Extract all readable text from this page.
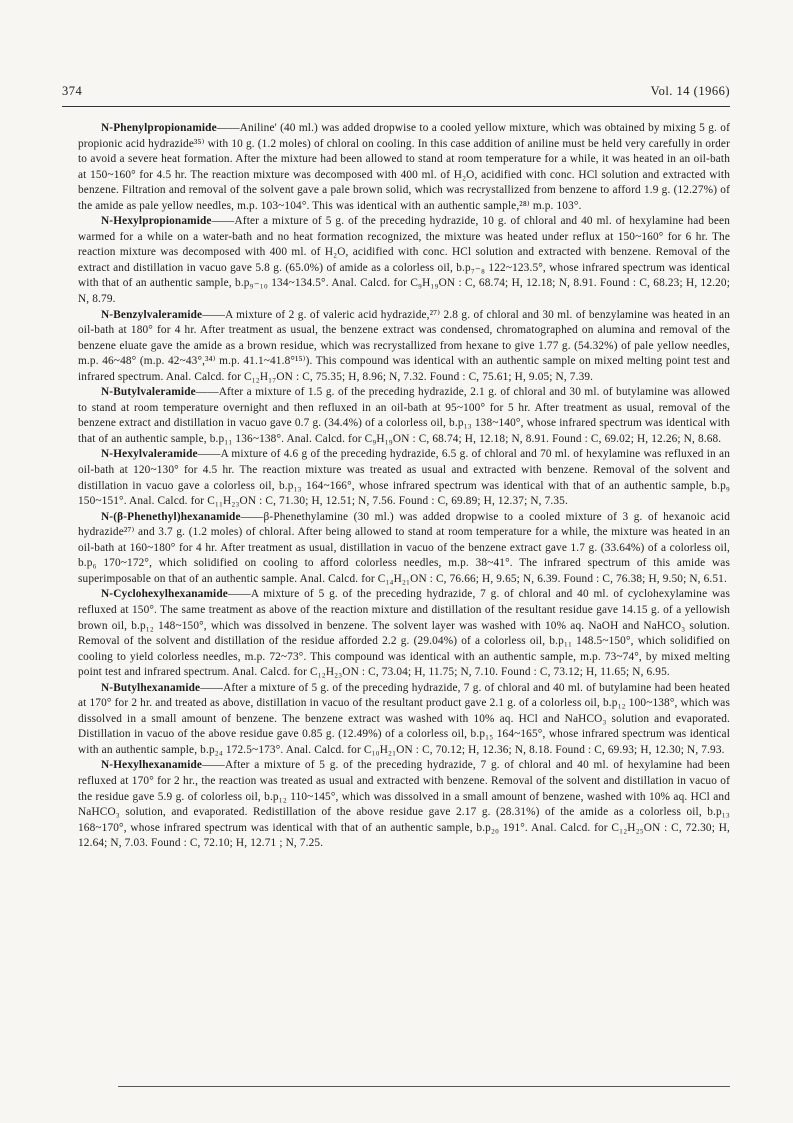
374	Vol. 14 (1966)

N-Phenylpropionamide——Aniline' (40 ml.) was added dropwise to a cooled yellow mixture, which was obtained by mixing 5 g. of propionic acid hydrazide³⁵⁾ with 10 g. (1.2 moles) of chloral on cooling. In this case addition of aniline must be held very carefully in order to avoid a severe heat formation. After the mixture had been allowed to stand at room temperature for a while, it was heated in an oil-bath at 150~160° for 4.5 hr. The reaction mixture was decomposed with 400 ml. of H₂O, acidified with conc. HCl solution and extracted with benzene. Filtration and removal of the solvent gave a pale brown solid, which was recrystallized from benzene to afford 1.9 g. (12.27%) of the amide as pale yellow needles, m.p. 103~104°. This was identical with an authentic sample,²⁸⁾ m.p. 103°.

N-Hexylpropionamide——After a mixture of 5 g. of the preceding hydrazide, 10 g. of chloral and 40 ml. of hexylamine had been warmed for a while on a water-bath and no heat formation recognized, the mixture was heated under reflux at 150~160° for 6 hr. The reaction mixture was decomposed with 400 ml. of H₂O, acidified with conc. HCl solution and extracted with benzene. Removal of the extract and distillation in vacuo gave 5.8 g. (65.0%) of amide as a colorless oil, b.p₇₋₈ 122~123.5°, whose infrared spectrum was identical with that of an authentic sample, b.p₉₋₁₀ 134~134.5°. Anal. Calcd. for C₉H₁₉ON : C, 68.74; H, 12.18; N, 8.91. Found : C, 68.23; H, 12.20; N, 8.79.

N-Benzylvaleramide——A mixture of 2 g. of valeric acid hydrazide,²⁷⁾ 2.8 g. of chloral and 30 ml. of benzylamine was heated in an oil-bath at 180° for 4 hr. After treatment as usual, the benzene extract was condensed, chromatographed on alumina and removal of the benzene eluate gave the amide as a brown residue, which was recrystallized from hexane to give 1.77 g. (54.32%) of pale yellow needles, m.p. 46~48° (m.p. 42~43°,³⁴⁾ m.p. 41.1~41.8°¹⁵⁾). This compound was identical with an authentic sample on mixed melting point test and infrared spectrum. Anal. Calcd. for C₁₂H₁₇ON : C, 75.35; H, 8.96; N, 7.32. Found : C, 75.61; H, 9.05; N, 7.39.

N-Butylvaleramide——After a mixture of 1.5 g. of the preceding hydrazide, 2.1 g. of chloral and 30 ml. of butylamine was allowed to stand at room temperature overnight and then refluxed in an oil-bath at 95~100° for 5 hr. After treatment as usual, removal of the benzene extract and distillation in vacuo gave 0.7 g. (34.4%) of a colorless oil, b.p₁₃ 138~140°, whose infrared spectrum was identical with that of an authentic sample, b.p₁₁ 136~138°. Anal. Calcd. for C₉H₁₉ON : C, 68.74; H, 12.18; N, 8.91. Found : C, 69.02; H, 12.26; N, 8.68.

N-Hexylvaleramide——A mixture of 4.6 g of the preceding hydrazide, 6.5 g. of chloral and 70 ml. of hexylamine was refluxed in an oil-bath at 120~130° for 4.5 hr. The reaction mixture was treated as usual and extracted with benzene. Removal of the solvent and distillation in vacuo gave a colorless oil, b.p₁₃ 164~166°, whose infrared spectrum was identical with that of an authentic sample, b.p₉ 150~151°. Anal. Calcd. for C₁₁H₂₃ON : C, 71.30; H, 12.51; N, 7.56. Found : C, 69.89; H, 12.37; N, 7.35.

N-(β-Phenethyl)hexanamide——β-Phenethylamine (30 ml.) was added dropwise to a cooled mixture of 3 g. of hexanoic acid hydrazide²⁷⁾ and 3.7 g. (1.2 moles) of chloral. After being allowed to stand at room temperature for a while, the mixture was heated in an oil-bath at 160~180° for 4 hr. After treatment as usual, distillation in vacuo of the benzene extract gave 1.7 g. (33.64%) of a colorless oil, b.p₆ 170~172°, which solidified on cooling to afford colorless needles, m.p. 38~41°. The infrared spectrum of this amide was superimposable on that of an authentic sample. Anal. Calcd. for C₁₄H₂₁ON : C, 76.66; H, 9.65; N, 6.39. Found : C, 76.38; H, 9.50; N, 6.51.

N-Cyclohexylhexanamide——A mixture of 5 g. of the preceding hydrazide, 7 g. of chloral and 40 ml. of cyclohexylamine was refluxed at 150°. The same treatment as above of the reaction mixture and distillation of the resultant residue gave 14.15 g. of a yellowish brown oil, b.p₁₂ 148~150°, which was dissolved in benzene. The solvent layer was washed with 10% aq. NaOH and NaHCO₃ solution. Removal of the solvent and distillation of the residue afforded 2.2 g. (29.04%) of a colorless oil, b.p₁₁ 148.5~150°, which solidified on cooling to yield colorless needles, m.p. 72~73°. This compound was identical with an authentic sample, m.p. 73~74°, by mixed melting point test and infrared spectrum. Anal. Calcd. for C₁₂H₂₃ON : C, 73.04; H, 11.75; N, 7.10. Found : C, 73.12; H, 11.65; N, 6.95.

N-Butylhexanamide——After a mixture of 5 g. of the preceding hydrazide, 7 g. of chloral and 40 ml. of butylamine had been heated at 170° for 2 hr. and treated as above, distillation in vacuo of the resultant product gave 2.1 g. of a colorless oil, b.p₁₂ 100~138°, which was dissolved in a small amount of benzene. The benzene extract was washed with 10% aq. HCl and NaHCO₃ solution and evaporated. Distillation in vacuo of the above residue gave 0.85 g. (12.49%) of a colorless oil, b.p₁₅ 164~165°, whose infrared spectrum was identical with an authentic sample, b.p₂₄ 172.5~173°. Anal. Calcd. for C₁₀H₂₁ON : C, 70.12; H, 12.36; N, 8.18. Found : C, 69.93; H, 12.30; N, 7.93.

N-Hexylhexanamide——After a mixture of 5 g. of the preceding hydrazide, 7 g. of chloral and 40 ml. of hexylamine had been refluxed at 170° for 2 hr., the reaction was treated as usual and extracted with benzene. Removal of the solvent and distillation in vacuo of the residue gave 5.9 g. of colorless oil, b.p₁₂ 110~145°, which was dissolved in a small amount of benzene, washed with 10% aq. HCl and NaHCO₃ solution, and evaporated. Redistillation of the above residue gave 2.17 g. (28.31%) of the amide as a colorless oil, b.p₁₃ 168~170°, whose infrared spectrum was identical with that of an authentic sample, b.p₂₀ 191°. Anal. Calcd. for C₁₂H₂₅ON : C, 72.30; H, 12.64; N, 7.03. Found : C, 72.10; H, 12.71 ; N, 7.25.
